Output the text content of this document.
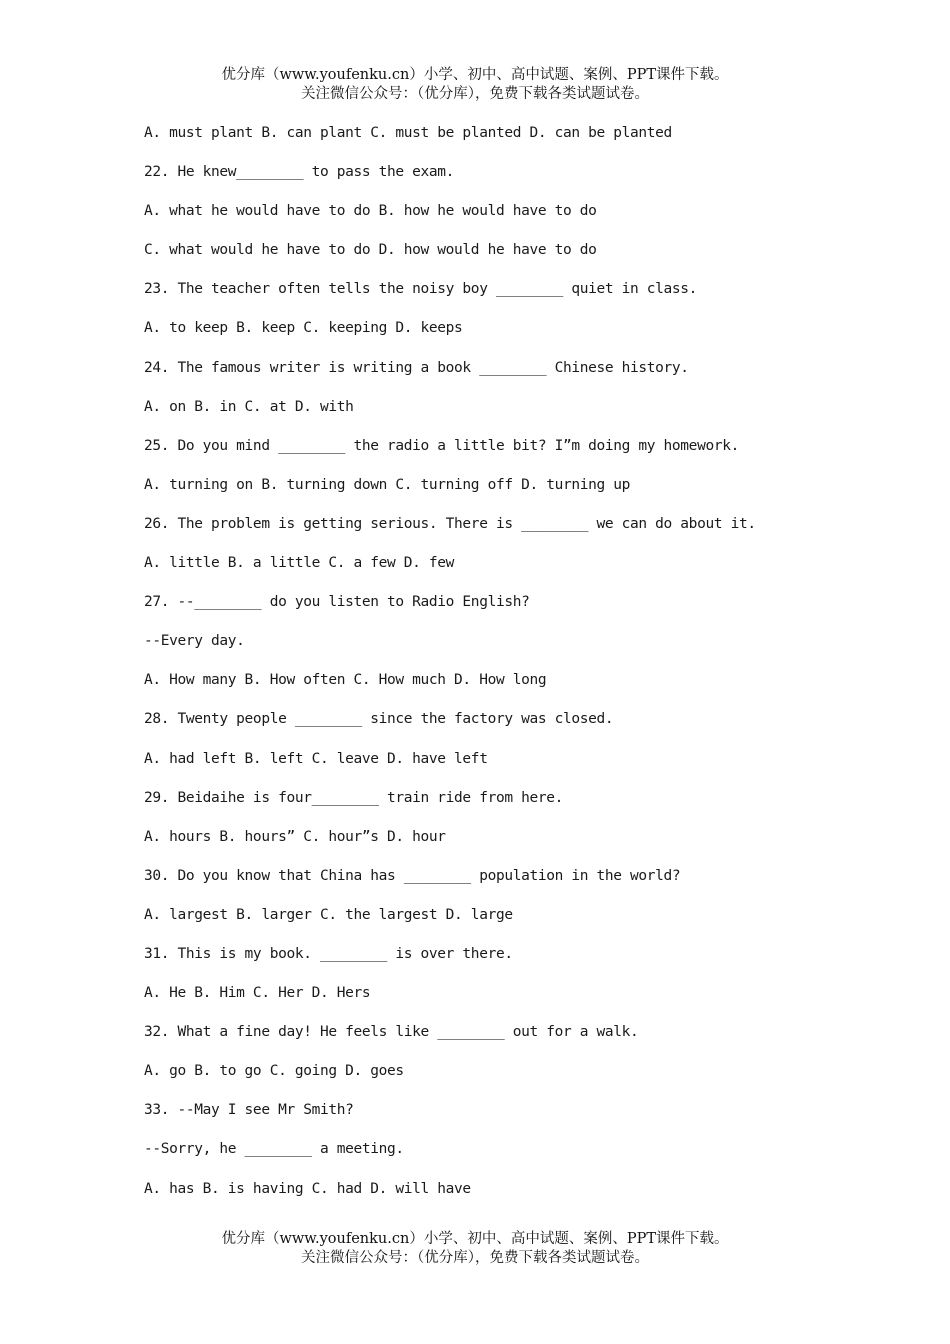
优分库（www.youfenku.cn）小学、初中、高中试题、案例、PPT课件下载。
关注微信公众号：（优分库），免费下载各类试题试卷。
A. must plant B. can plant C. must be planted D. can be planted
22. He knew________ to pass the exam.
A. what he would have to do B. how he would have to do
C. what would he have to do D. how would he have to do
23. The teacher often tells the noisy boy ________ quiet in class.
A. to keep B. keep C. keeping D. keeps
24. The famous writer is writing a book ________ Chinese history.
A. on B. in C. at D. with
25. Do you mind ________ the radio a little bit? I”m doing my homework.
A. turning on B. turning down C. turning off D. turning up
26. The problem is getting serious. There is ________ we can do about it.
A. little B. a little C. a few D. few
27. --________ do you listen to Radio English?
--Every day.
A. How many B. How often C. How much D. How long
28. Twenty people ________ since the factory was closed.
A. had left B. left C. leave D. have left
29. Beidaihe is four________ train ride from here.
A. hours B. hours” C. hour”s D. hour
30. Do you know that China has ________ population in the world?
A. largest B. larger C. the largest D. large
31. This is my book. ________ is over there.
A. He B. Him C. Her D. Hers
32. What a fine day! He feels like ________ out for a walk.
A. go B. to go C. going D. goes
33. --May I see Mr Smith?
--Sorry, he ________ a meeting.
A. has B. is having C. had D. will have
优分库（www.youfenku.cn）小学、初中、高中试题、案例、PPT课件下载。
关注微信公众号：（优分库），免费下载各类试题试卷。
